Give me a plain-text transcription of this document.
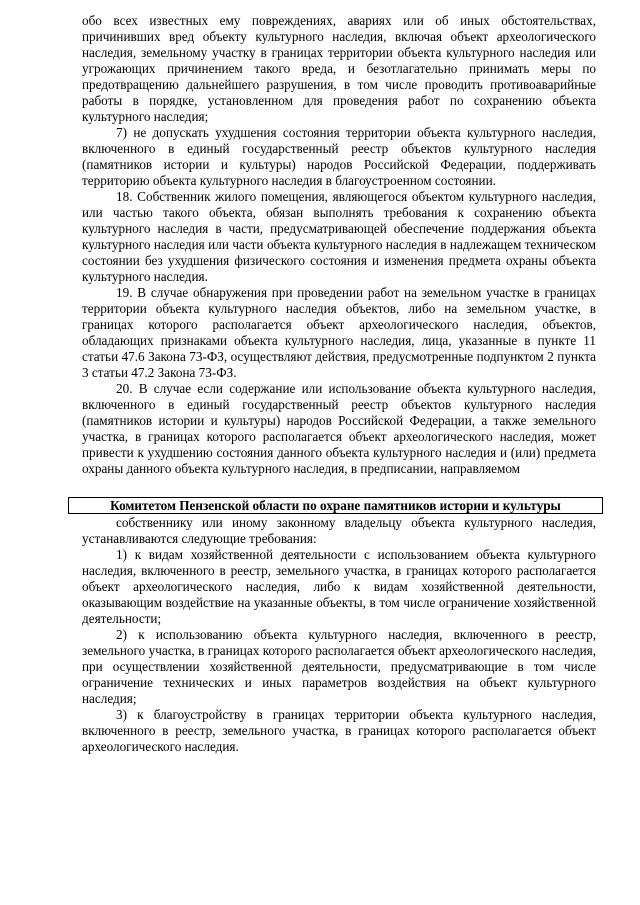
обо всех известных ему повреждениях, авариях или об иных обстоятельствах, причинивших вред объекту культурного наследия, включая объект археологического наследия, земельному участку в границах территории объекта культурного наследия или угрожающих причинением такого вреда, и безотлагательно принимать меры по предотвращению дальнейшего разрушения, в том числе проводить противоаварийные работы в порядке, установленном для проведения работ по сохранению объекта культурного наследия;

7) не допускать ухудшения состояния территории объекта культурного наследия, включенного в единый государственный реестр объектов культурного наследия (памятников истории и культуры) народов Российской Федерации, поддерживать территорию объекта культурного наследия в благоустроенном состоянии.

18. Собственник жилого помещения, являющегося объектом культурного наследия, или частью такого объекта, обязан выполнять требования к сохранению объекта культурного наследия в части, предусматривающей обеспечение поддержания объекта культурного наследия или части объекта культурного наследия в надлежащем техническом состоянии без ухудшения физического состояния и изменения предмета охраны объекта культурного наследия.

19. В случае обнаружения при проведении работ на земельном участке в границах территории объекта культурного наследия объектов, либо на земельном участке, в границах которого располагается объект археологического наследия, объектов, обладающих признаками объекта культурного наследия, лица, указанные в пункте 11 статьи 47.6 Закона 73-ФЗ, осуществляют действия, предусмотренные подпунктом 2 пункта 3 статьи 47.2 Закона 73-ФЗ.

20. В случае если содержание или использование объекта культурного наследия, включенного в единый государственный реестр объектов культурного наследия (памятников истории и культуры) народов Российской Федерации, а также земельного участка, в границах которого располагается объект археологического наследия, может привести к ухудшению состояния данного объекта культурного наследия и (или) предмета охраны данного объекта культурного наследия, в предписании, направляемом

Комитетом Пензенской области по охране памятников истории и культуры

собственнику или иному законному владельцу объекта культурного наследия, устанавливаются следующие требования:

1) к видам хозяйственной деятельности с использованием объекта культурного наследия, включенного в реестр, земельного участка, в границах которого располагается объект археологического наследия, либо к видам хозяйственной деятельности, оказывающим воздействие на указанные объекты, в том числе ограничение хозяйственной деятельности;

2) к использованию объекта культурного наследия, включенного в реестр, земельного участка, в границах которого располагается объект археологического наследия, при осуществлении хозяйственной деятельности, предусматривающие в том числе ограничение технических и иных параметров воздействия на объект культурного наследия;

3) к благоустройству в границах территории объекта культурного наследия, включенного в реестр, земельного участка, в границах которого располагается объект археологического наследия.
